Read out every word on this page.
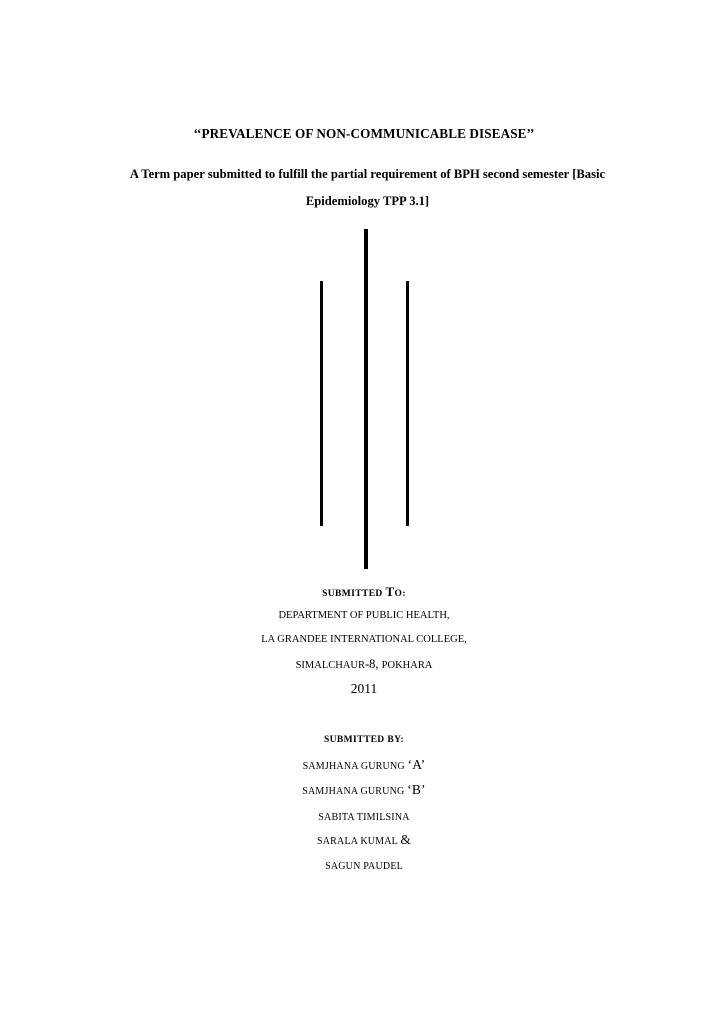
‘‘PREVALENCE OF NON-COMMUNICABLE DISEASE’’
A Term paper submitted to fulfill the partial requirement of BPH second semester [Basic
Epidemiology TPP 3.1]
SUBMITTED TO:
DEPARTMENT OF PUBLIC HEALTH,
LA GRANDEE INTERNATIONAL COLLEGE,
SIMALCHAUR-8, POKHARA
2011
SUBMITTED BY:
SAMJHANA GURUNG ‘A’
SAMJHANA GURUNG ‘B’
SABITA TIMILSINA
SARALA KUMAL &
SAGUN PAUDEL
